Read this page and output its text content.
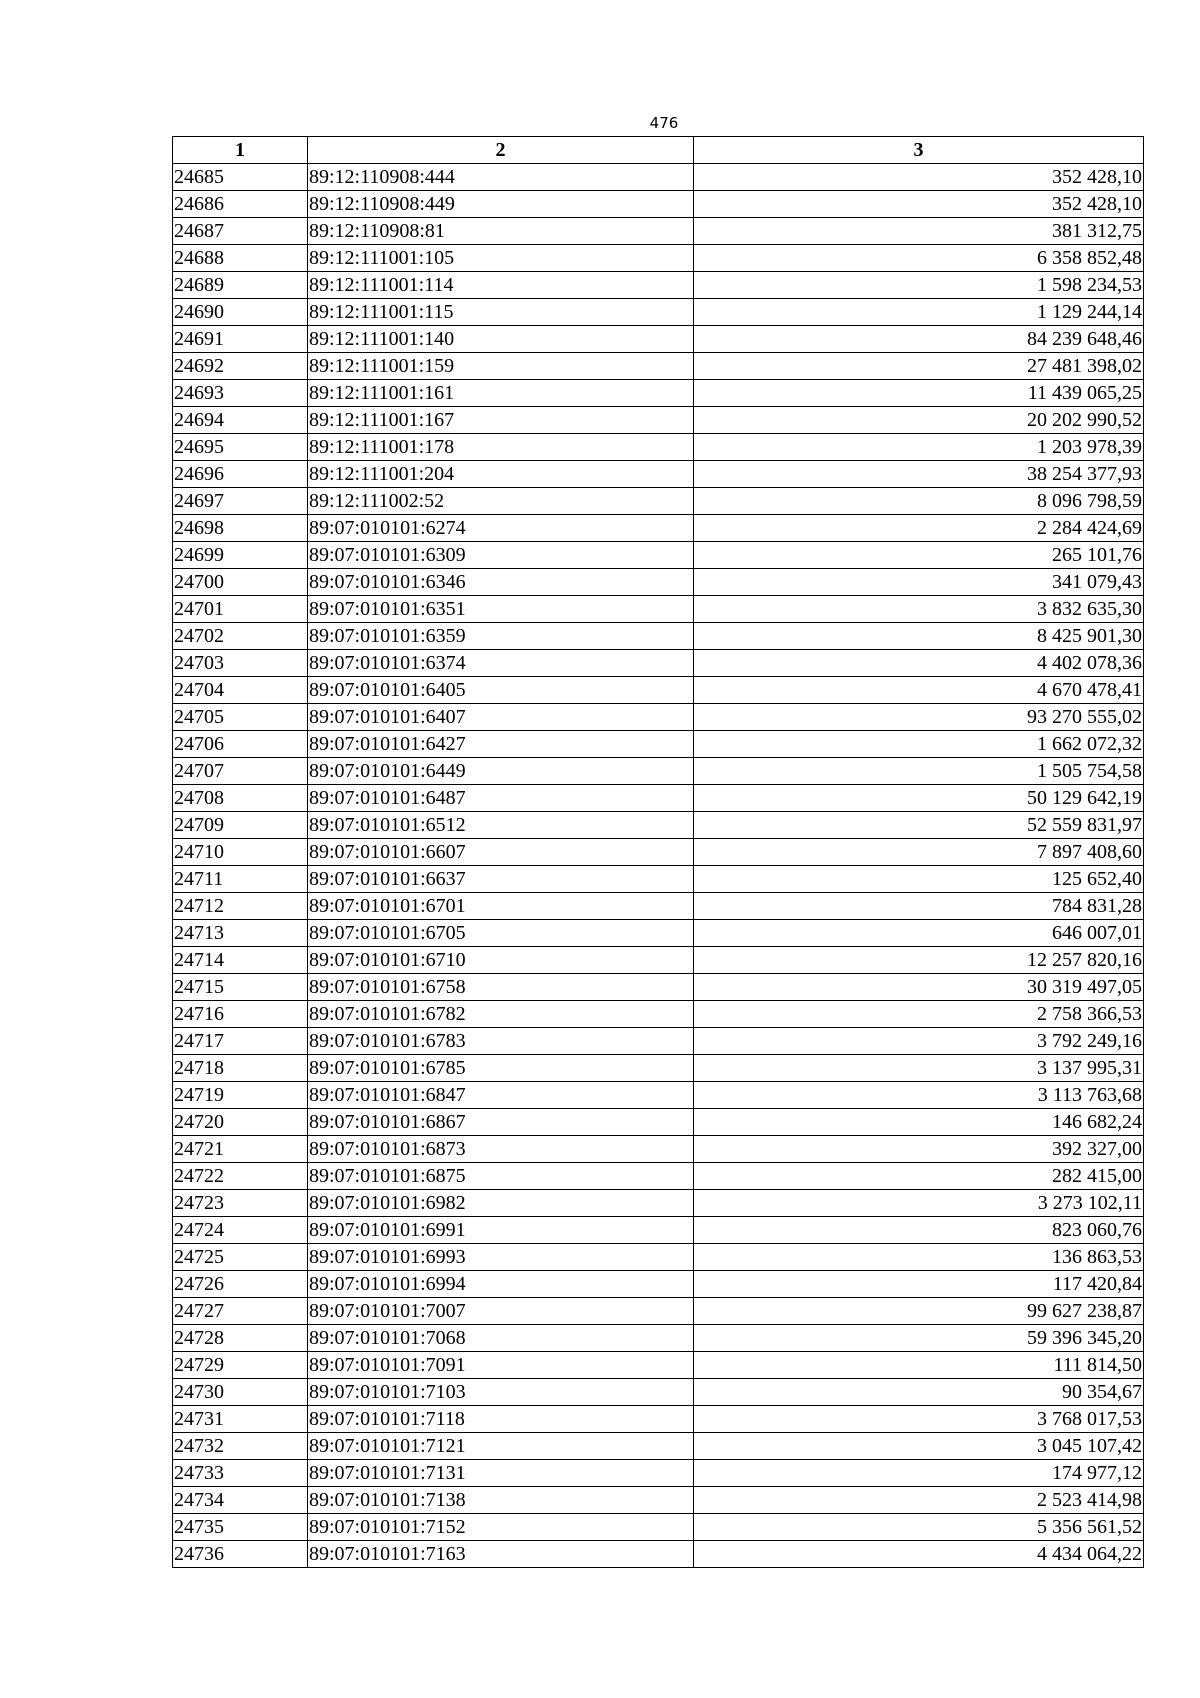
476
1	2	3
24685	89:12:110908:444	352 428,10
24686	89:12:110908:449	352 428,10
24687	89:12:110908:81	381 312,75
24688	89:12:111001:105	6 358 852,48
24689	89:12:111001:114	1 598 234,53
24690	89:12:111001:115	1 129 244,14
24691	89:12:111001:140	84 239 648,46
24692	89:12:111001:159	27 481 398,02
24693	89:12:111001:161	11 439 065,25
24694	89:12:111001:167	20 202 990,52
24695	89:12:111001:178	1 203 978,39
24696	89:12:111001:204	38 254 377,93
24697	89:12:111002:52	8 096 798,59
24698	89:07:010101:6274	2 284 424,69
24699	89:07:010101:6309	265 101,76
24700	89:07:010101:6346	341 079,43
24701	89:07:010101:6351	3 832 635,30
24702	89:07:010101:6359	8 425 901,30
24703	89:07:010101:6374	4 402 078,36
24704	89:07:010101:6405	4 670 478,41
24705	89:07:010101:6407	93 270 555,02
24706	89:07:010101:6427	1 662 072,32
24707	89:07:010101:6449	1 505 754,58
24708	89:07:010101:6487	50 129 642,19
24709	89:07:010101:6512	52 559 831,97
24710	89:07:010101:6607	7 897 408,60
24711	89:07:010101:6637	125 652,40
24712	89:07:010101:6701	784 831,28
24713	89:07:010101:6705	646 007,01
24714	89:07:010101:6710	12 257 820,16
24715	89:07:010101:6758	30 319 497,05
24716	89:07:010101:6782	2 758 366,53
24717	89:07:010101:6783	3 792 249,16
24718	89:07:010101:6785	3 137 995,31
24719	89:07:010101:6847	3 113 763,68
24720	89:07:010101:6867	146 682,24
24721	89:07:010101:6873	392 327,00
24722	89:07:010101:6875	282 415,00
24723	89:07:010101:6982	3 273 102,11
24724	89:07:010101:6991	823 060,76
24725	89:07:010101:6993	136 863,53
24726	89:07:010101:6994	117 420,84
24727	89:07:010101:7007	99 627 238,87
24728	89:07:010101:7068	59 396 345,20
24729	89:07:010101:7091	111 814,50
24730	89:07:010101:7103	90 354,67
24731	89:07:010101:7118	3 768 017,53
24732	89:07:010101:7121	3 045 107,42
24733	89:07:010101:7131	174 977,12
24734	89:07:010101:7138	2 523 414,98
24735	89:07:010101:7152	5 356 561,52
24736	89:07:010101:7163	4 434 064,22
